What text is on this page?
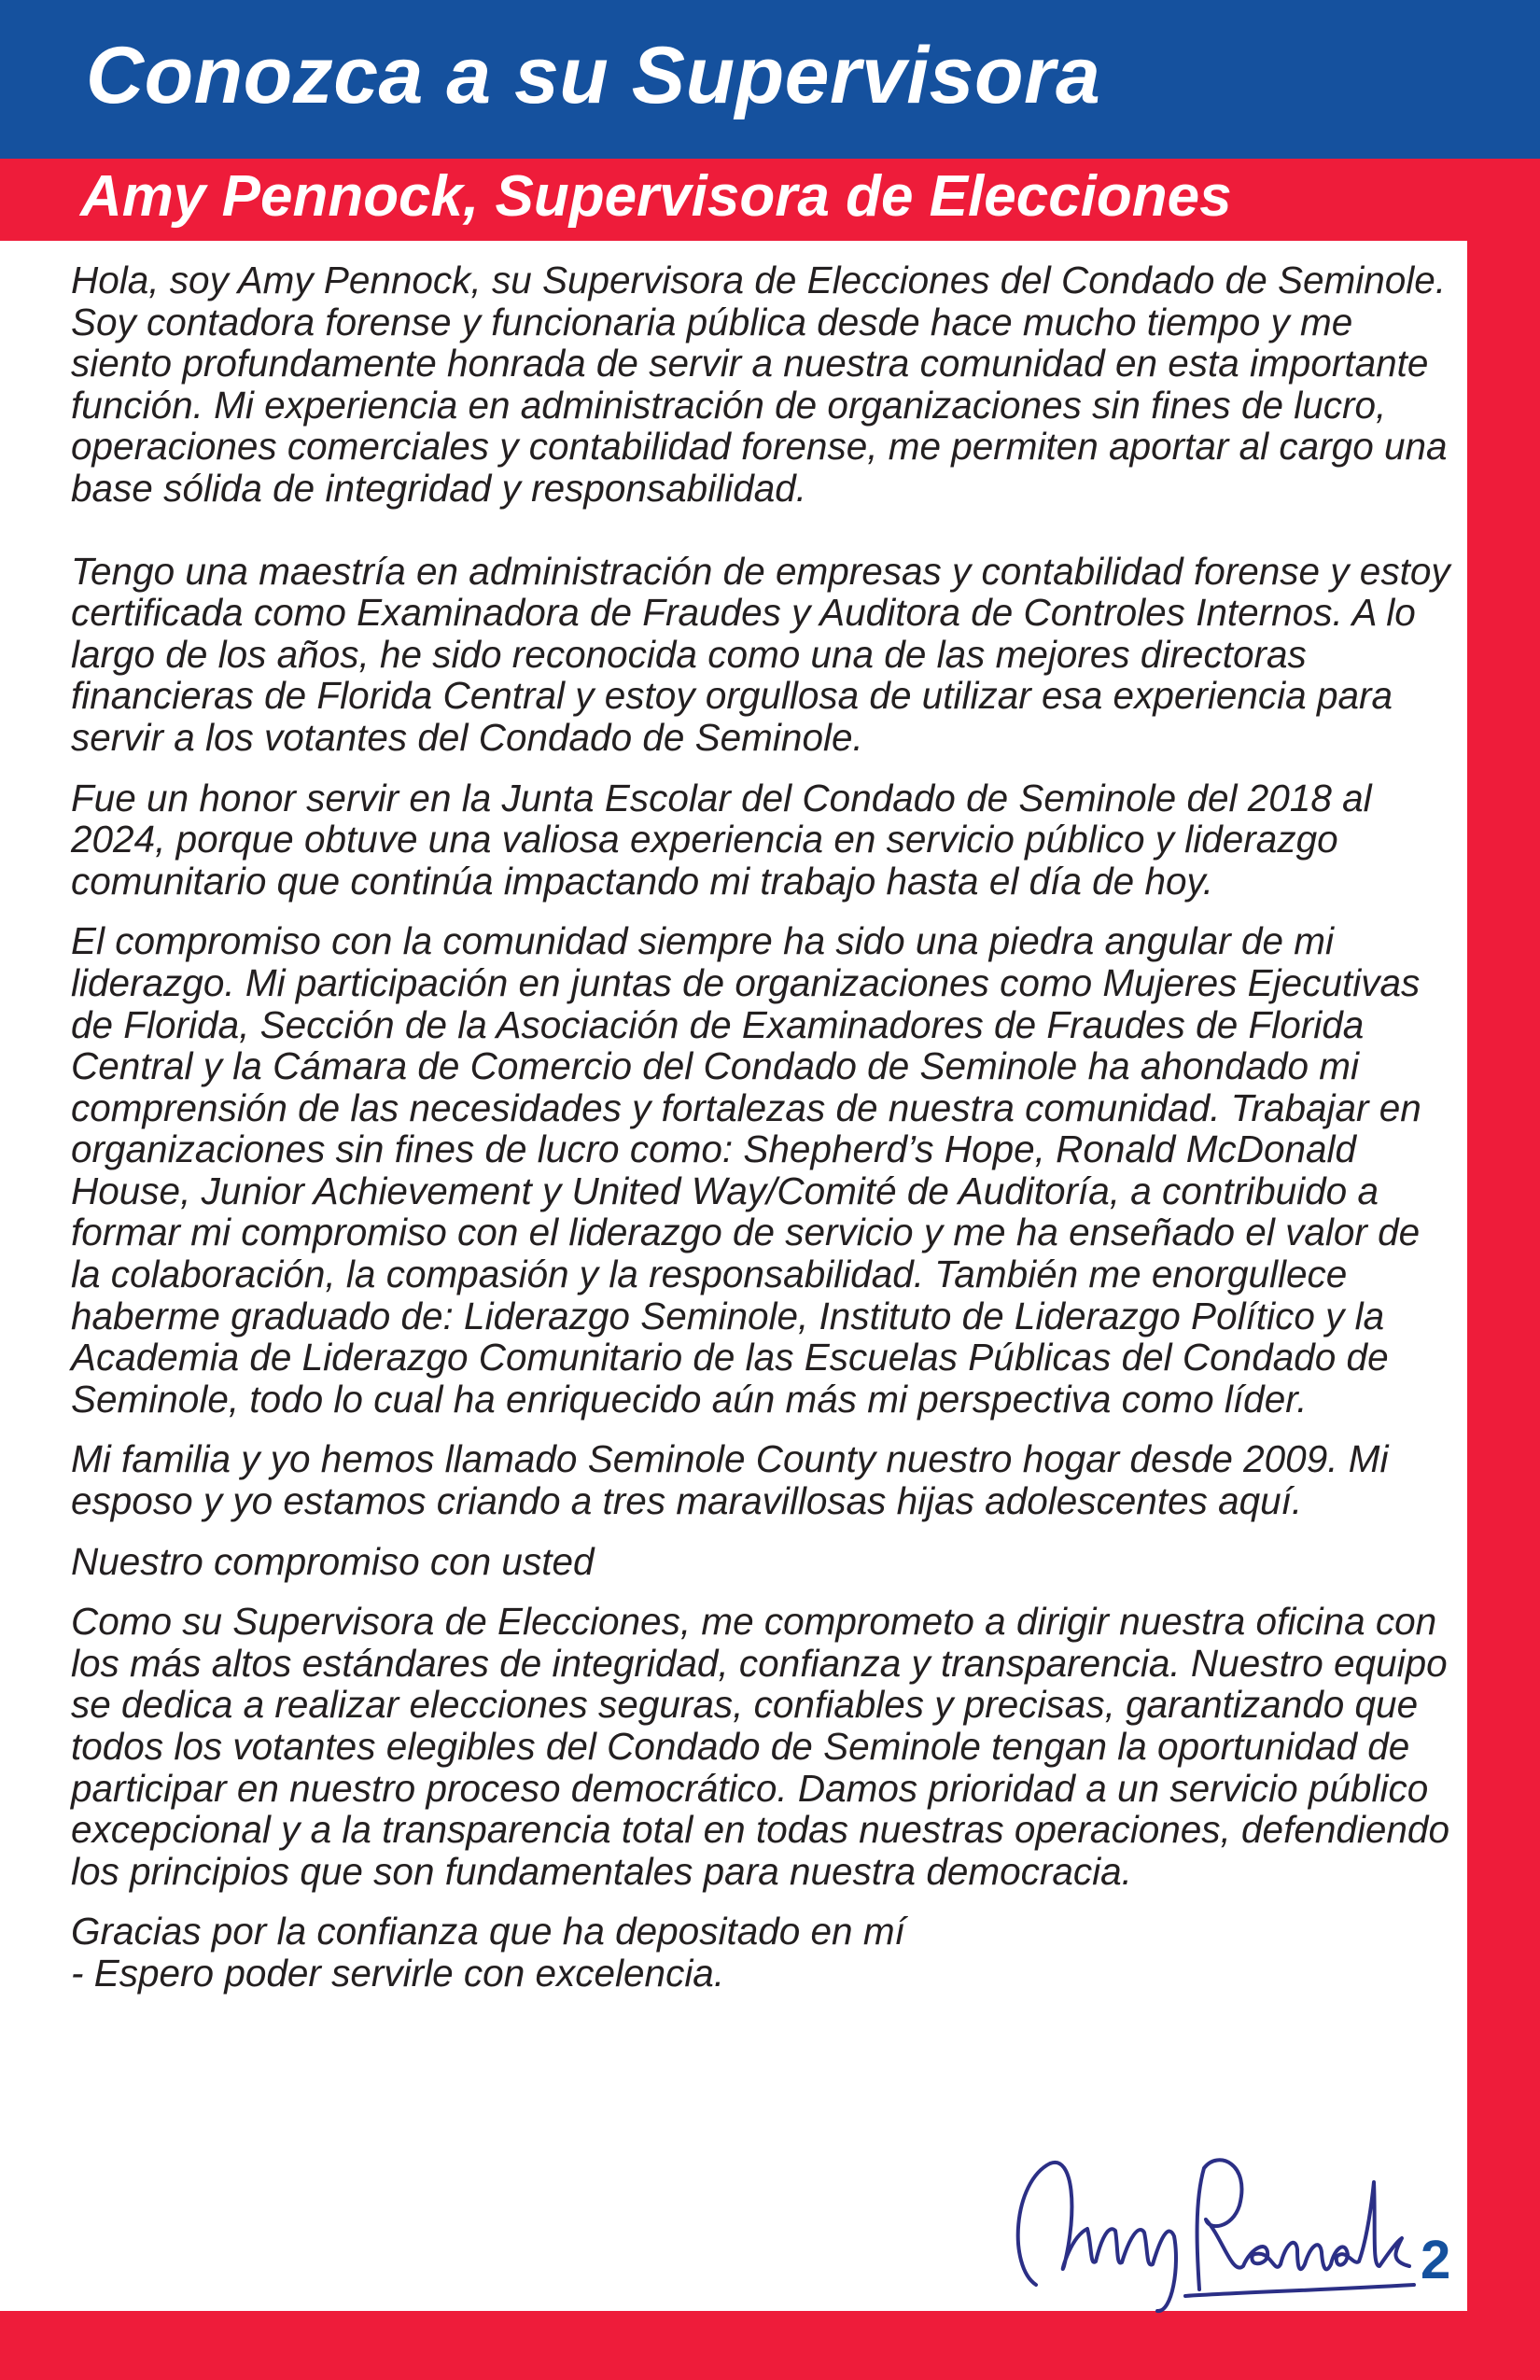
Conozca a su Supervisora
Amy Pennock, Supervisora de Elecciones

Hola, soy Amy Pennock, su Supervisora de Elecciones del Condado de Seminole. Soy contadora forense y funcionaria pública desde hace mucho tiempo y me siento profundamente honrada de servir a nuestra comunidad en esta importante función. Mi experiencia en administración de organizaciones sin fines de lucro, operaciones comerciales y contabilidad forense, me permiten aportar al cargo una base sólida de integridad y responsabilidad.

Tengo una maestría en administración de empresas y contabilidad forense y estoy certificada como Examinadora de Fraudes y Auditora de Controles Internos. A lo largo de los años, he sido reconocida como una de las mejores directoras financieras de Florida Central y estoy orgullosa de utilizar esa experiencia para servir a los votantes del Condado de Seminole.

Fue un honor servir en la Junta Escolar del Condado de Seminole del 2018 al 2024, porque obtuve una valiosa experiencia en servicio público y liderazgo comunitario que continúa impactando mi trabajo hasta el día de hoy.

El compromiso con la comunidad siempre ha sido una piedra angular de mi liderazgo. Mi participación en juntas de organizaciones como Mujeres Ejecutivas de Florida, Sección de la Asociación de Examinadores de Fraudes de Florida Central y la Cámara de Comercio del Condado de Seminole ha ahondado mi comprensión de las necesidades y fortalezas de nuestra comunidad. Trabajar en organizaciones sin fines de lucro como: Shepherd’s Hope, Ronald McDonald House, Junior Achievement y United Way/Comité de Auditoría, a contribuido a formar mi compromiso con el liderazgo de servicio y me ha enseñado el valor de la colaboración, la compasión y la responsabilidad. También me enorgullece haberme graduado de: Liderazgo Seminole, Instituto de Liderazgo Político y la Academia de Liderazgo Comunitario de las Escuelas Públicas del Condado de Seminole, todo lo cual ha enriquecido aún más mi perspectiva como líder.

Mi familia y yo hemos llamado Seminole County nuestro hogar desde 2009. Mi esposo y yo estamos criando a tres maravillosas hijas adolescentes aquí.

Nuestro compromiso con usted

Como su Supervisora de Elecciones, me comprometo a dirigir nuestra oficina con los más altos estándares de integridad, confianza y transparencia. Nuestro equipo se dedica a realizar elecciones seguras, confiables y precisas, garantizando que todos los votantes elegibles del Condado de Seminole tengan la oportunidad de participar en nuestro proceso democrático. Damos prioridad a un servicio público excepcional y a la transparencia total en todas nuestras operaciones, defendiendo los principios que son fundamentales para nuestra democracia.

Gracias por la confianza que ha depositado en mí

- Espero poder servirle con excelencia.

2
